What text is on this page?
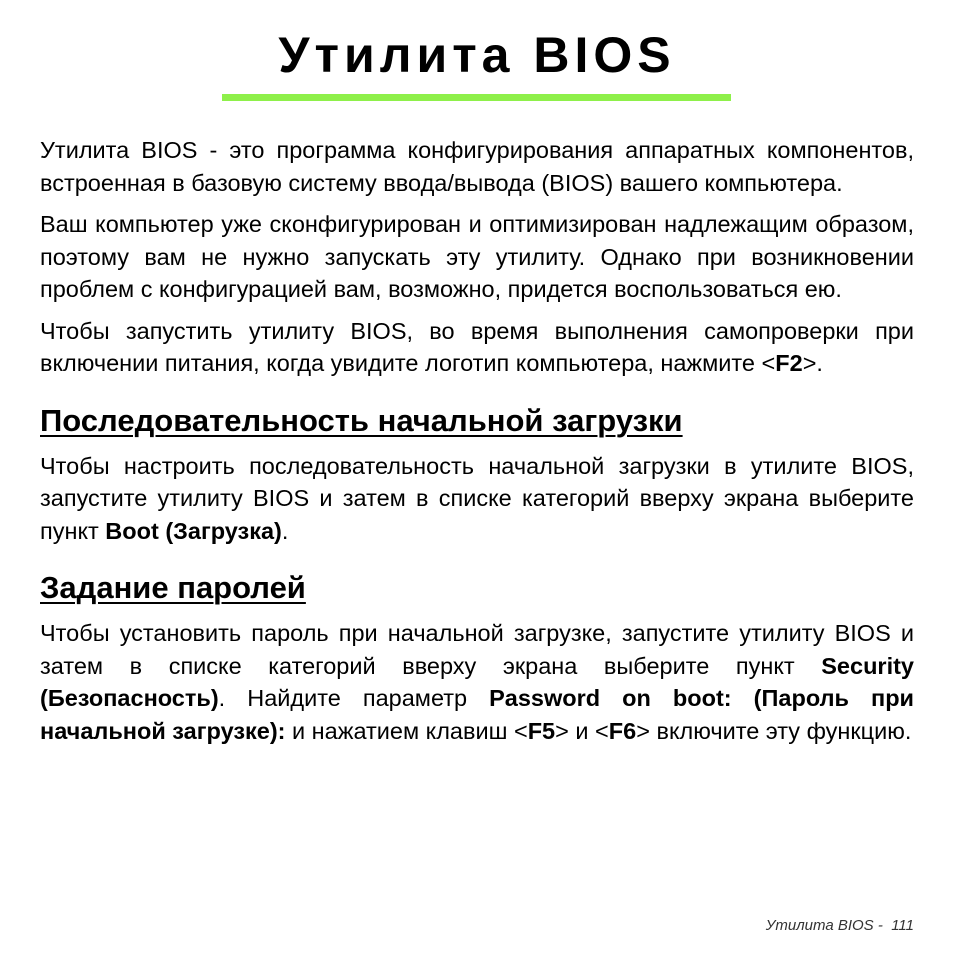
Утилита BIOS

Утилита BIOS - это программа конфигурирования аппаратных компонентов, встроенная в базовую систему ввода/вывода (BIOS) вашего компьютера.

Ваш компьютер уже сконфигурирован и оптимизирован надлежащим образом, поэтому вам не нужно запускать эту утилиту. Однако при возникновении проблем с конфигурацией вам, возможно, придется воспользоваться ею.

Чтобы запустить утилиту BIOS, во время выполнения самопроверки при включении питания, когда увидите логотип компьютера, нажмите <F2>.

Последовательность начальной загрузки

Чтобы настроить последовательность начальной загрузки в утилите BIOS, запустите утилиту BIOS и затем в списке категорий вверху экрана выберите пункт Boot (Загрузка).

Задание паролей

Чтобы установить пароль при начальной загрузке, запустите утилиту BIOS и затем в списке категорий вверху экрана выберите пункт Security (Безопасность). Найдите параметр Password on boot: (Пароль при начальной загрузке): и нажатием клавиш <F5> и <F6> включите эту функцию.

Утилита BIOS - 111
